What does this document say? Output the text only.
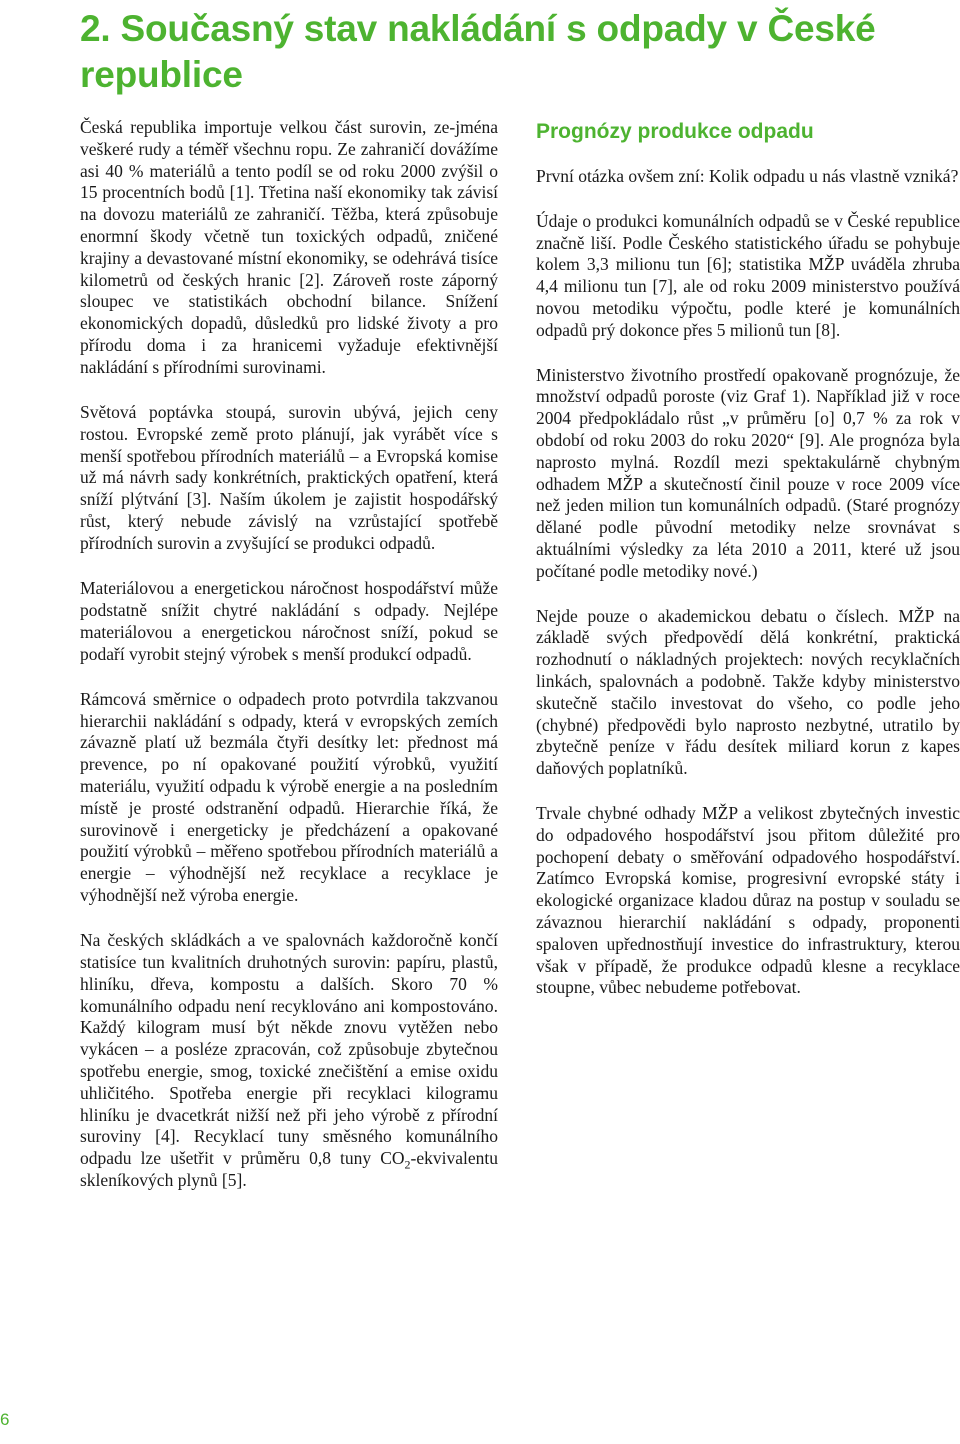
2. Současný stav nakládání s odpady v České republice

Česká republika importuje velkou část surovin, ze-jména veškeré rudy a téměř všechnu ropu. Ze zahraničí dovážíme asi 40 % materiálů a tento podíl se od roku 2000 zvýšil o 15 procentních bodů [1]. Třetina naší ekonomiky tak závisí na dovozu materiálů ze zahraničí. Těžba, která způsobuje enormní škody včetně tun toxických odpadů, zničené krajiny a devastované místní ekonomiky, se odehrává tisíce kilometrů od českých hranic [2]. Zároveň roste záporný sloupec ve statistikách obchodní bilance. Snížení ekonomických dopadů, důsledků pro lidské životy a pro přírodu doma i za hranicemi vyžaduje efektivnější nakládání s přírodními surovinami.

Světová poptávka stoupá, surovin ubývá, jejich ceny rostou. Evropské země proto plánují, jak vyrábět více s menší spotřebou přírodních materiálů – a Evropská komise už má návrh sady konkrétních, praktických opatření, která sníží plýtvání [3]. Naším úkolem je zajistit hospodářský růst, který nebude závislý na vzrůstající spotřebě přírodních surovin a zvyšující se produkci odpadů.

Materiálovou a energetickou náročnost hospodářství může podstatně snížit chytré nakládání s odpady. Nejlépe materiálovou a energetickou náročnost sníží, pokud se podaří vyrobit stejný výrobek s menší produkcí odpadů.

Rámcová směrnice o odpadech proto potvrdila takzvanou hierarchii nakládání s odpady, která v evropských zemích závazně platí už bezmála čtyři desítky let: přednost má prevence, po ní opakované použití výrobků, využití materiálu, využití odpadu k výrobě energie a na posledním místě je prosté odstranění odpadů. Hierarchie říká, že surovinově i energeticky je předcházení a opakované použití výrobků – měřeno spotřebou přírodních materiálů a energie – výhodnější než recyklace a recyklace je výhodnější než výroba energie.

Na českých skládkách a ve spalovnách každoročně končí statisíce tun kvalitních druhotných surovin: papíru, plastů, hliníku, dřeva, kompostu a dalších. Skoro 70 % komunálního odpadu není recyklováno ani kompostováno. Každý kilogram musí být někde znovu vytěžen nebo vykácen – a posléze zpracován, což způsobuje zbytečnou spotřebu energie, smog, toxické znečištění a emise oxidu uhličitého. Spotřeba energie při recyklaci kilogramu hliníku je dvacetkrát nižší než při jeho výrobě z přírodní suroviny [4]. Recyklací tuny směsného komunálního odpadu lze ušetřit v průměru 0,8 tuny $CO_2$-ekvivalentu skleníkových plynů [5].

Prognózy produkce odpadu

První otázka ovšem zní: Kolik odpadu u nás vlastně vzniká?

Údaje o produkci komunálních odpadů se v České republice značně liší. Podle Českého statistického úřadu se pohybuje kolem 3,3 milionu tun [6]; statistika MŽP uváděla zhruba 4,4 milionu tun [7], ale od roku 2009 ministerstvo používá novou metodiku výpočtu, podle které je komunálních odpadů prý dokonce přes 5 milionů tun [8].

Ministerstvo životního prostředí opakovaně prognózuje, že množství odpadů poroste (viz Graf 1). Například již v roce 2004 předpokládalo růst „v průměru [o] 0,7 % za rok v období od roku 2003 do roku 2020“ [9]. Ale prognóza byla naprosto mylná. Rozdíl mezi spektakulárně chybným odhadem MŽP a skutečností činil pouze v roce 2009 více než jeden milion tun komunálních odpadů. (Staré prognózy dělané podle původní metodiky nelze srovnávat s aktuálními výsledky za léta 2010 a 2011, které už jsou počítané podle metodiky nové.)

Nejde pouze o akademickou debatu o číslech. MŽP na základě svých předpovědí dělá konkrétní, praktická rozhodnutí o nákladných projektech: nových recyklačních linkách, spalovnách a podobně. Takže kdyby ministerstvo skutečně stačilo investovat do všeho, co podle jeho (chybné) předpovědi bylo naprosto nezbytné, utratilo by zbytečně peníze v řádu desítek miliard korun z kapes daňových poplatníků.

Trvale chybné odhady MŽP a velikost zbytečných investic do odpadového hospodářství jsou přitom důležité pro pochopení debaty o směřování odpadového hospodářství. Zatímco Evropská komise, progresivní evropské státy i ekologické organizace kladou důraz na postup v souladu se závaznou hierarchií nakládání s odpady, proponenti spaloven upřednostňují investice do infrastruktury, kterou však v případě, že produkce odpadů klesne a recyklace stoupne, vůbec nebudeme potřebovat.

6
